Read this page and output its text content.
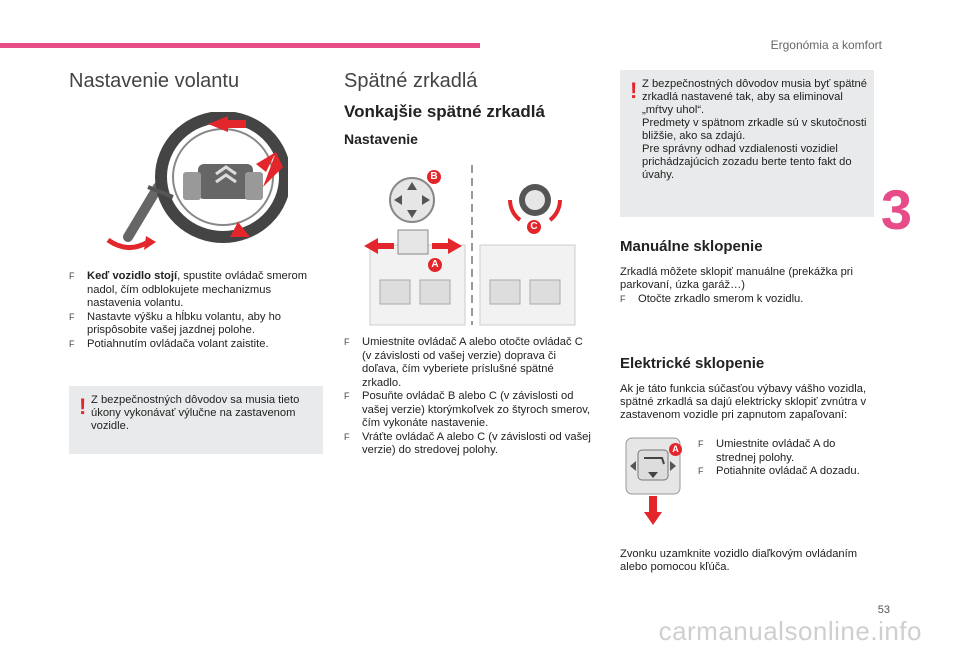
Ergonómia a komfort
3
Nastavenie volantu
F Keď vozidlo stojí, spustite ovládač smerom nadol, čím odblokujete mechanizmus nastavenia volantu.
F Nastavte výšku a hĺbku volantu, aby ho prispôsobite vašej jazdnej polohe.
F Potiahnutím ovládača volant zaistite.
! Z bezpečnostných dôvodov sa musia tieto úkony vykonávať výlučne na zastavenom vozidle.
Spätné zrkadlá
Vonkajšie spätné zrkadlá
Nastavenie
B
A
C
F Umiestnite ovládač A alebo otočte ovládač C (v závislosti od vašej verzie) doprava či doľava, čím vyberiete príslušné spätné zrkadlo.
F Posuňte ovládač B alebo C (v závislosti od vašej verzie) ktorýmkoľvek zo štyroch smerov, čím vykonáte nastavenie.
F Vráťte ovládač A alebo C (v závislosti od vašej verzie) do stredovej polohy.
! Z bezpečnostných dôvodov musia byť spätné zrkadlá nastavené tak, aby sa eliminoval „mŕtvy uhol“.
Predmety v spätnom zrkadle sú v skutočnosti bližšie, ako sa zdajú.
Pre správny odhad vzdialenosti vozidiel prichádzajúcich zozadu berte tento fakt do úvahy.
Manuálne sklopenie
Zrkadlá môžete sklopiť manuálne (prekážka pri parkovaní, úzka garáž…)
F Otočte zrkadlo smerom k vozidlu.
Elektrické sklopenie
Ak je táto funkcia súčasťou výbavy vášho vozidla, spätné zrkadlá sa dajú elektricky sklopiť zvnútra v zastavenom vozidle pri zapnutom zapaľovaní:
A	F Umiestnite ovládač A do strednej polohy.
F Potiahnite ovládač A dozadu.
Zvonku uzamknite vozidlo diaľkovým ovládaním alebo pomocou kľúča.
53
carmanualsonline.info
